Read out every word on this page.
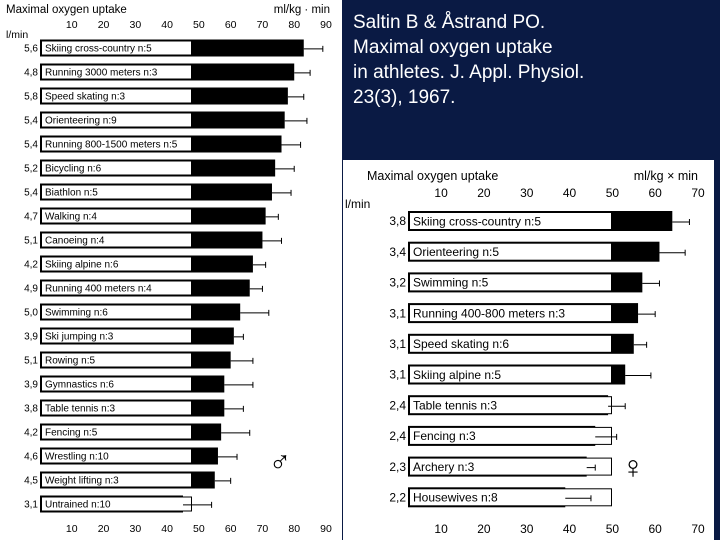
Maximal oxygen uptake	ml/kg · min
l/min
10 20 30 40 50 60 70 80 90
10 20 30 40 50 60 70 80 90
5,6 Skiing cross-country n:5
4,8 Running 3000 meters n:3
5,8 Speed skating n:3
5,4 Orienteering n:9
5,4 Running 800-1500 meters n:5
5,2 Bicycling n:6
5,4 Biathlon n:5
4,7 Walking n:4
5,1 Canoeing n:4
4,2 Skiing alpine n:6
4,9 Running 400 meters n:4
5,0 Swimming n:6
3,9 Ski jumping n:3
5,1 Rowing n:5
3,9 Gymnastics n:6
3,8 Table tennis n:3
4,2 Fencing n:5
4,6 Wrestling n:10
4,5 Weight lifting n:3
3,1 Untrained n:10
♂
Maximal oxygen uptake	ml/kg × min
l/min
10 20 30 40 50 60 70
10 20 30 40 50 60 70
3,8 Skiing cross-country n:5
3,4 Orienteering n:5
3,2 Swimming n:5
3,1 Running 400-800 meters n:3
3,1 Speed skating n:6
3,1 Skiing alpine n:5
2,4 Table tennis n:3
2,4 Fencing n:3
2,3 Archery n:3
2,2 Housewives n:8
♀
Saltin B & Åstrand PO.
Maximal oxygen uptake
in athletes. J. Appl. Physiol.
23(3), 1967.
